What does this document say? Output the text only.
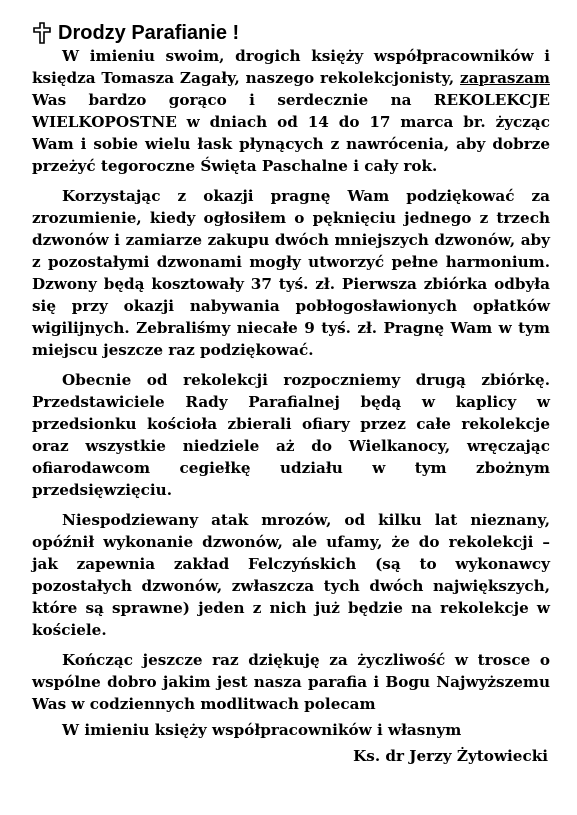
Drodzy Parafianie !

W imieniu swoim, drogich księży współpracowników i księdza Tomasza Zagały, naszego rekolekcjonisty, zapraszam Was bardzo gorąco i serdecznie na REKOLEKCJE WIELKOPOSTNE w dniach od 14 do 17 marca br. życząc Wam i sobie wielu łask płynących z nawrócenia, aby dobrze przeżyć tegoroczne Święta Paschalne i cały rok.

Korzystając z okazji pragnę Wam podziękować za zrozumienie, kiedy ogłosiłem o pęknięciu jednego z trzech dzwonów i zamiarze zakupu dwóch mniejszych dzwonów, aby z pozostałymi dzwonami mogły utworzyć pełne harmonium. Dzwony będą kosztowały 37 tyś. zł. Pierwsza zbiórka odbyła się przy okazji nabywania pobłogosławionych opłatków wigilijnych. Zebraliśmy niecałe 9 tyś. zł. Pragnę Wam w tym miejscu jeszcze raz podziękować.

Obecnie od rekolekcji rozpoczniemy drugą zbiórkę. Przedstawiciele Rady Parafialnej będą w kaplicy w przedsionku kościoła zbierali ofiary przez całe rekolekcje oraz wszystkie niedziele aż do Wielkanocy, wręczając ofiarodawcom cegiełkę udziału w tym zbożnym przedsięwzięciu.

Niespodziewany atak mrozów, od kilku lat nieznany, opóźnił wykonanie dzwonów, ale ufamy, że do rekolekcji – jak zapewnia zakład Felczyńskich (są to wykonawcy pozostałych dzwonów, zwłaszcza tych dwóch największych, które są sprawne) jeden z nich już będzie na rekolekcje w kościele.

Kończąc jeszcze raz dziękuję za życzliwość w trosce o wspólne dobro jakim jest nasza parafia i Bogu Najwyższemu Was w codziennych modlitwach polecam

W imieniu księży współpracowników i własnym
Ks. dr Jerzy Żytowiecki
